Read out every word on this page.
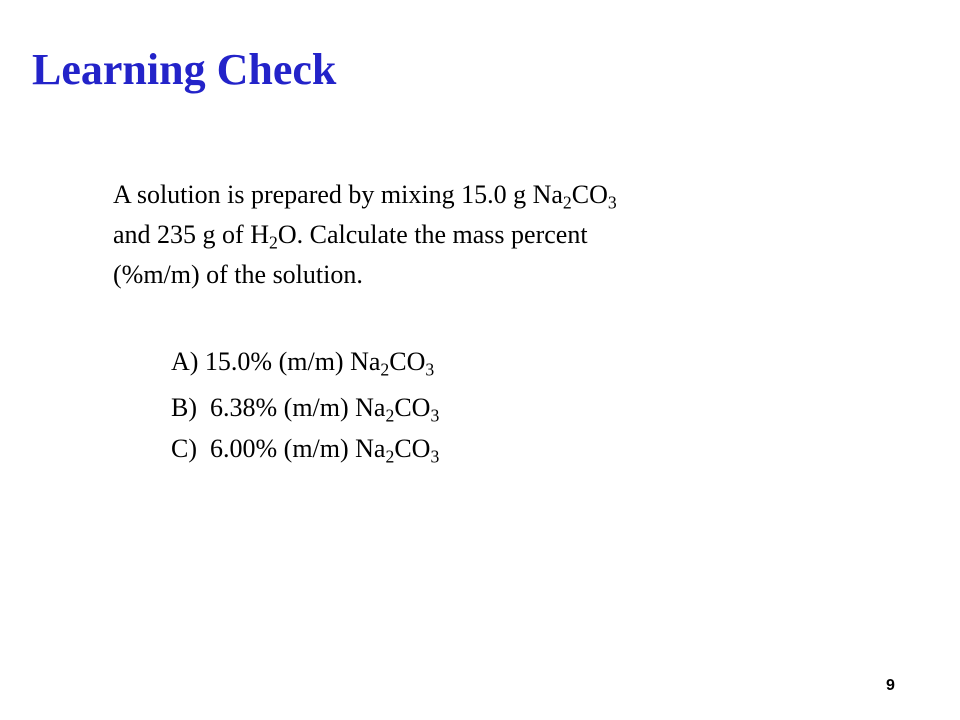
Learning Check
A solution is prepared by mixing 15.0 g $Na_2CO_3$
and 235 g of $H_2O$. Calculate the mass percent
(%m/m) of the solution.
A) 15.0% (m/m) $Na_2CO_3$
B)  6.38% (m/m) $Na_2CO_3$
C)  6.00% (m/m) $Na_2CO_3$
9
